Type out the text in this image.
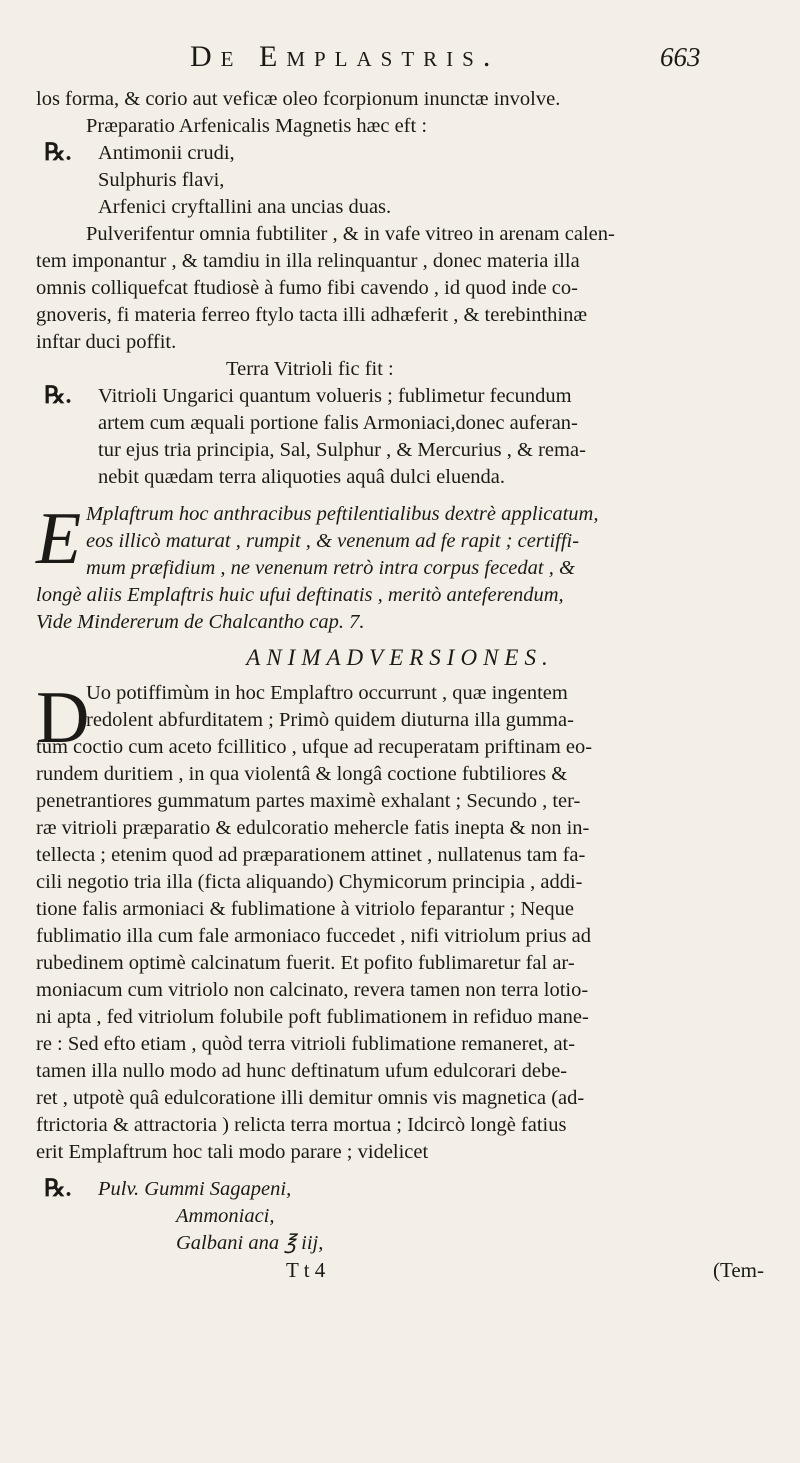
De Emplastris.	663
los forma, & corio aut veficæ oleo fcorpionum inunctæ involve.
Præparatio Arfenicalis Magnetis hæc eft :
℞. Antimonii crudi,
Sulphuris flavi,
Arfenici cryftallini ana uncias duas.
Pulverifentur omnia fubtiliter , & in vafe vitreo in arenam calen-
tem imponantur , & tamdiu in illa relinquantur , donec materia illa
omnis colliquefcat ftudiosè à fumo fibi cavendo , id quod inde co-
gnoveris, fi materia ferreo ftylo tacta illi adhæferit , & terebinthinæ
inftar duci poffit.
Terra Vitrioli fic fit :
℞. Vitrioli Ungarici quantum volueris ; fublimetur fecundum
artem cum æquali portione falis Armoniaci,donec auferan-
tur ejus tria principia, Sal, Sulphur , & Mercurius , & rema-
nebit quædam terra aliquoties aquâ dulci eluenda.
E Mplaftrum hoc anthracibus peftilentialibus dextrè applicatum,
eos illicò maturat , rumpit , & venenum ad fe rapit ; certiffi-
mum præfidium , ne venenum retrò intra corpus fecedat , &
longè aliis Emplaftris huic ufui deftinatis , meritò anteferendum,
Vide Mindererum de Chalcantho cap. 7.
ANIMADVERSIONES.
D
Uo potiffimùm in hoc Emplaftro occurrunt , quæ ingentem
redolent abfurditatem ; Primò quidem diuturna illa gumma-
tum coctio cum aceto fcillitico , ufque ad recuperatam priftinam eo-
rundem duritiem , in qua violentâ & longâ coctione fubtiliores &
penetrantiores gummatum partes maximè exhalant ; Secundo , ter-
ræ vitrioli præparatio & edulcoratio mehercle fatis inepta & non in-
tellecta ; etenim quod ad præparationem attinet , nullatenus tam fa-
cili negotio tria illa (ficta aliquando) Chymicorum principia , addi-
tione falis armoniaci & fublimatione à vitriolo feparantur ; Neque
fublimatio illa cum fale armoniaco fuccedet , nifi vitriolum prius ad
rubedinem optimè calcinatum fuerit. Et pofito fublimaretur fal ar-
moniacum cum vitriolo non calcinato, revera tamen non terra lotio-
ni apta , fed vitriolum folubile poft fublimationem in refiduo mane-
re : Sed efto etiam , quòd terra vitrioli fublimatione remaneret, at-
tamen illa nullo modo ad hunc deftinatum ufum edulcorari debe-
ret , utpotè quâ edulcoratione illi demitur omnis vis magnetica (ad-
ftrictoria & attractoria ) relicta terra mortua ; Idcircò longè fatius
erit Emplaftrum hoc tali modo parare ; videlicet
℞. Pulv. Gummi Sagapeni,
Ammoniaci,
Galbani ana ℥ iij,
T t 4	(Tem-
